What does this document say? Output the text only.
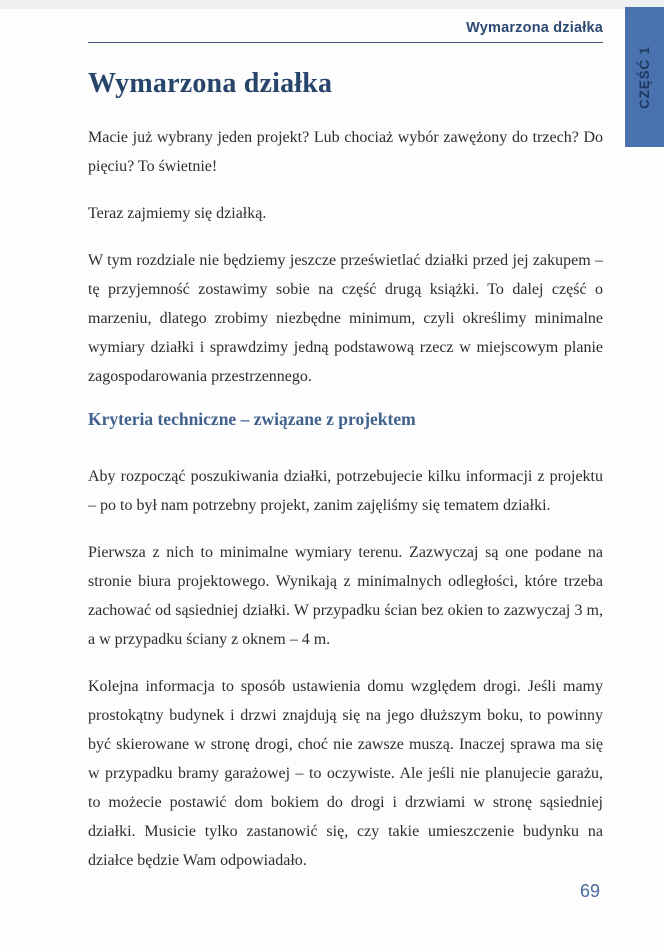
CZĘŚĆ 1
Wymarzona działka
Wymarzona działka

Macie już wybrany jeden projekt? Lub chociaż wybór zawężony do trzech? Do pięciu? To świetnie!

Teraz zajmiemy się działką.

W tym rozdziale nie będziemy jeszcze prześwietlać działki przed jej zakupem – tę przyjemność zostawimy sobie na część drugą książki. To dalej część o marzeniu, dlatego zrobimy niezbędne minimum, czyli określimy minimalne wymiary działki i sprawdzimy jedną podstawową rzecz w miejscowym planie zagospodarowania przestrzennego.

Kryteria techniczne – związane z projektem

Aby rozpocząć poszukiwania działki, potrzebujecie kilku informacji z projektu – po to był nam potrzebny projekt, zanim zajęliśmy się tematem działki.

Pierwsza z nich to minimalne wymiary terenu. Zazwyczaj są one podane na stronie biura projektowego. Wynikają z minimalnych odległości, które trzeba zachować od sąsiedniej działki. W przypadku ścian bez okien to zazwyczaj 3 m, a w przypadku ściany z oknem – 4 m.

Kolejna informacja to sposób ustawienia domu względem drogi. Jeśli mamy prostokątny budynek i drzwi znajdują się na jego dłuższym boku, to powinny być skierowane w stronę drogi, choć nie zawsze muszą. Inaczej sprawa ma się w przypadku bramy garażowej – to oczywiste. Ale jeśli nie planujecie garażu, to możecie postawić dom bokiem do drogi i drzwiami w stronę sąsiedniej działki. Musicie tylko zastanowić się, czy takie umieszczenie budynku na działce będzie Wam odpowiadało.

69
